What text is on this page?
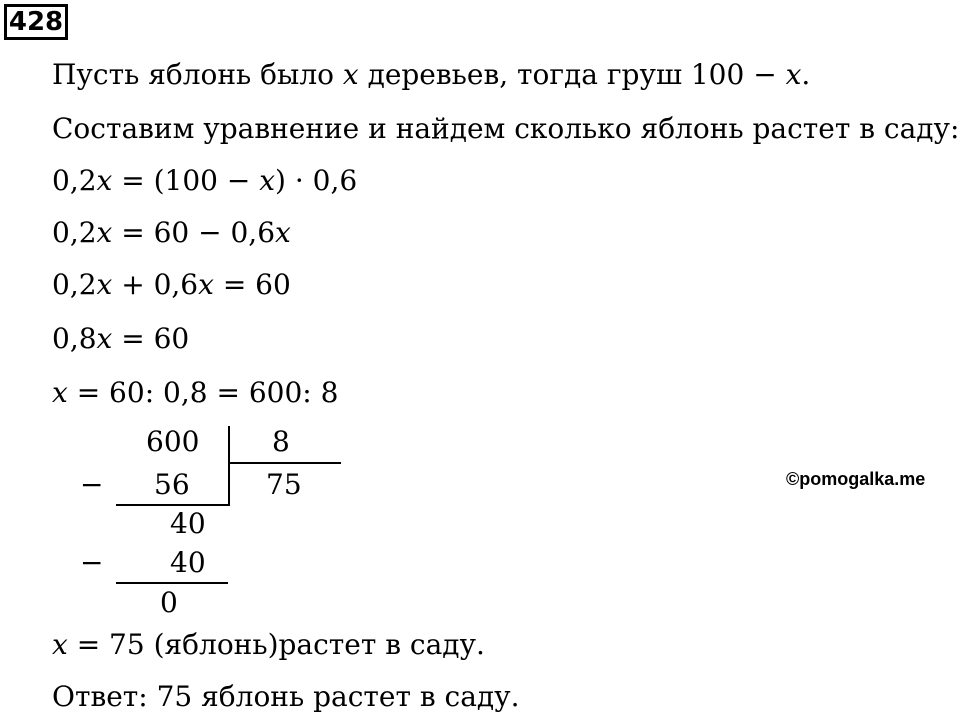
428
Пусть яблонь было x деревьев, тогда груш 100 − x.
Составим уравнение и найдем сколько яблонь растет в саду:
0,2x = (100 − x) · 0,6
0,2x = 60 − 0,6x
0,2x + 0,6x = 60
0,8x = 60
x = 60: 0,8 = 600: 8
600	8
− 56	75
40
− 40
0
©pomogalka.me
x = 75 (яблонь)растет в саду.
Ответ: 75 яблонь растет в саду.
